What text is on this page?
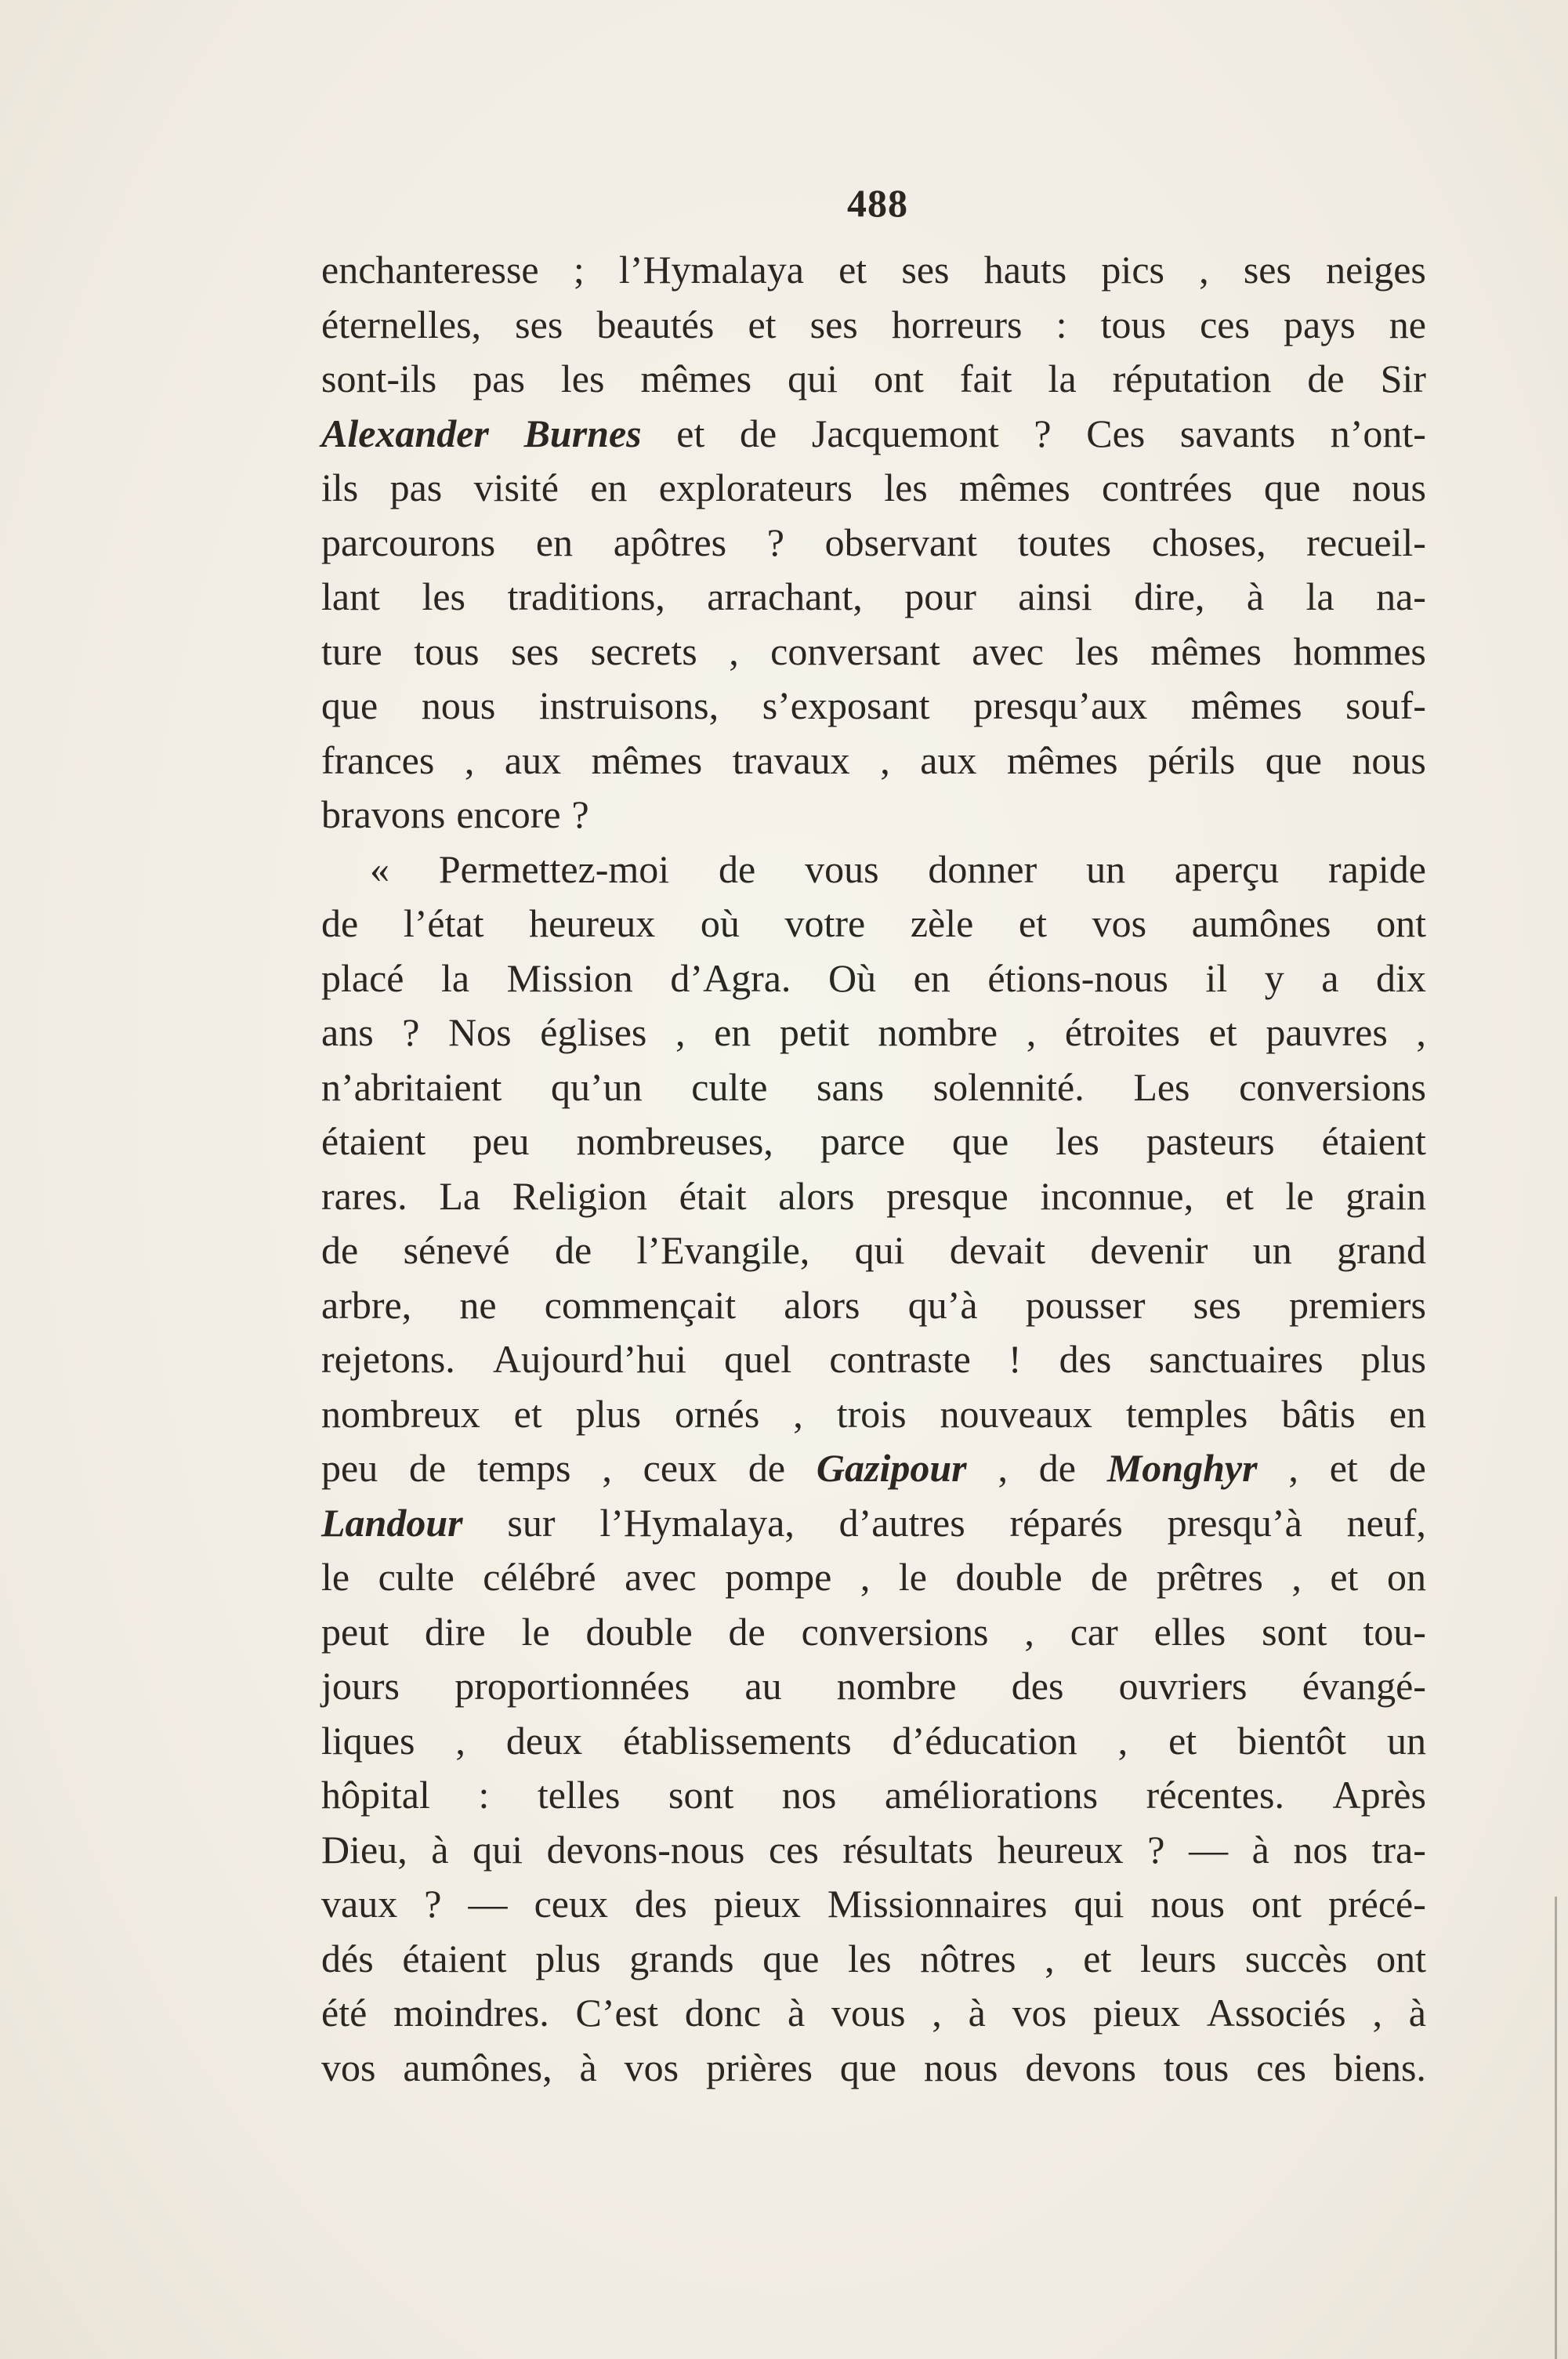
488
enchanteresse ; l’Hymalaya et ses hauts pics , ses neiges
éternelles, ses beautés et ses horreurs : tous ces pays ne
sont-ils pas les mêmes qui ont fait la réputation de Sir
Alexander Burnes et de Jacquemont ? Ces savants n’ont-
ils pas visité en explorateurs les mêmes contrées que nous
parcourons en apôtres ? observant toutes choses, recueil-
lant les traditions, arrachant, pour ainsi dire, à la na-
ture tous ses secrets , conversant avec les mêmes hommes
que nous instruisons, s’exposant presqu’aux mêmes souf-
frances , aux mêmes travaux , aux mêmes périls que nous
bravons encore ?
« Permettez-moi de vous donner un aperçu rapide
de l’état heureux où votre zèle et vos aumônes ont
placé la Mission d’Agra. Où en étions-nous il y a dix
ans ? Nos églises , en petit nombre , étroites et pauvres ,
n’abritaient qu’un culte sans solennité. Les conversions
étaient peu nombreuses, parce que les pasteurs étaient
rares. La Religion était alors presque inconnue, et le grain
de sénevé de l’Evangile, qui devait devenir un grand
arbre, ne commençait alors qu’à pousser ses premiers
rejetons. Aujourd’hui quel contraste ! des sanctuaires plus
nombreux et plus ornés , trois nouveaux temples bâtis en
peu de temps , ceux de Gazipour , de Monghyr , et de
Landour sur l’Hymalaya, d’autres réparés presqu’à neuf,
le culte célébré avec pompe , le double de prêtres , et on
peut dire le double de conversions , car elles sont tou-
jours proportionnées au nombre des ouvriers évangé-
liques , deux établissements d’éducation , et bientôt un
hôpital : telles sont nos améliorations récentes. Après
Dieu, à qui devons-nous ces résultats heureux ? — à nos tra-
vaux ? — ceux des pieux Missionnaires qui nous ont précé-
dés étaient plus grands que les nôtres , et leurs succès ont
été moindres. C’est donc à vous , à vos pieux Associés , à
vos aumônes, à vos prières que nous devons tous ces biens.
